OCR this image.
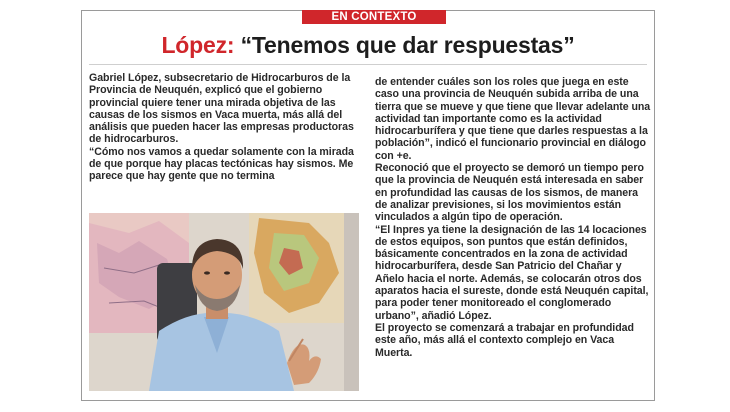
EN CONTEXTO
López: “Tenemos que dar respuestas”

Gabriel López, subsecretario de Hidrocarburos de la Provincia de Neuquén, explicó que el gobierno provincial quiere tener una mirada objetiva de las causas de los sismos en Vaca muerta, más allá del análisis que pueden hacer las empresas productoras de hidrocarburos.

“Cómo nos vamos a quedar solamente con la mirada de que porque hay placas tectónicas hay sismos. Me parece que hay gente que no termina

de entender cuáles son los roles que juega en este caso una provincia de Neuquén subida arriba de una tierra que se mueve y que tiene que llevar adelante una actividad tan importante como es la actividad hidrocarburífera y que tiene que darles respuestas a la población”, indicó el funcionario provincial en diálogo con +e.

Reconoció que el proyecto se demoró un tiempo pero que la provincia de Neuquén está interesada en saber en profundidad las causas de los sismos, de manera de analizar previsiones, si los movimientos están vinculados a algún tipo de operación.

“El Inpres ya tiene la designación de las 14 locaciones de estos equipos, son puntos que están definidos, básicamente concentrados en la zona de actividad hidrocarburífera, desde San Patricio del Chañar y Añelo hacia el norte. Además, se colocarán otros dos aparatos hacia el sureste, donde está Neuquén capital, para poder tener monitoreado el conglomerado urbano”, añadió López.

El proyecto se comenzará a trabajar en profundidad este año, más allá el contexto complejo en Vaca Muerta.
